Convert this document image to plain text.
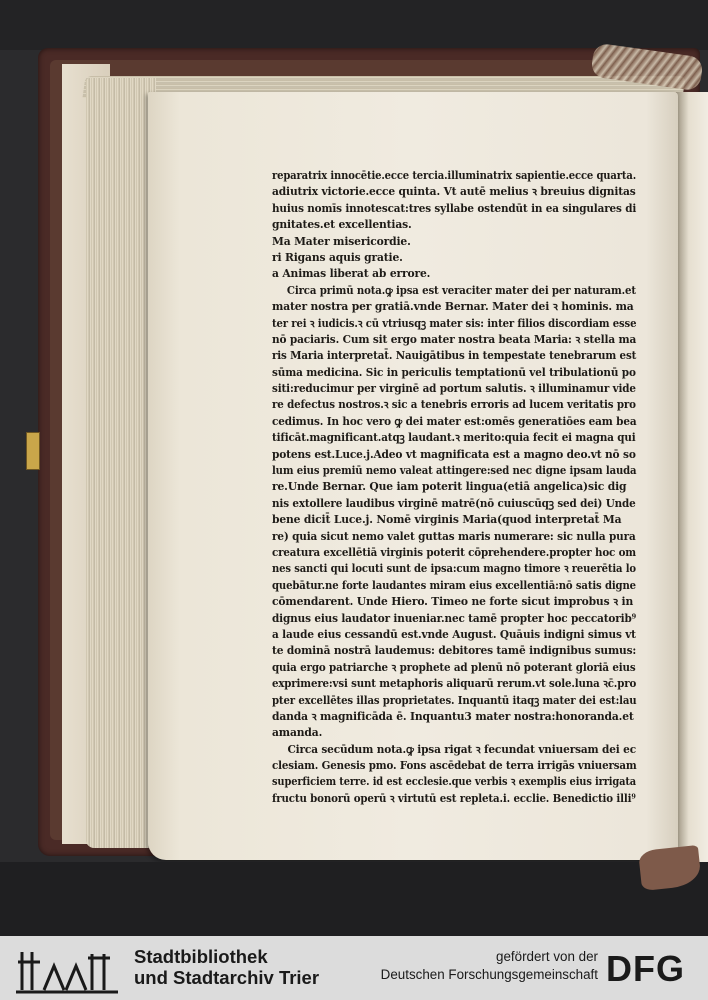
reparatrix innocētie.ecce tercia.illuminatrix sapientie.ecce quarta.
adiutrix victorie.ecce quinta. Vt autē melius ꝛ breuius dignitas
huius nomīs innotescat:tres syllabe ostendūt in ea singulares di
gnitates.et excellentias.
Ma Mater misericordie.
ri Rigans aquis gratie.
a Animas liberat ab errore.
Circa primū nota.ꝙ ipsa est veraciter mater dei per naturam.et
mater nostra per gratiā.vnde Bernar. Mater dei ꝛ hominis. ma
ter rei ꝛ iudicis.ꝛ cū vtriusqꝫ mater sis: inter filios discordiam esse
nō paciaris. Cum sit ergo mater nostra beata Maria: ꝛ stella ma
ris Maria interpretat̄. Nauigātibus in tempestate tenebrarum est
sūma medicina. Sic in periculis temptationū vel tribulationū po
siti:reducimur per virginē ad portum salutis. ꝛ illuminamur vide
re defectus nostros.ꝛ sic a tenebris erroris ad lucem veritatis pro
cedimus. In hoc vero ꝙ dei mater est:omēs generatiōes eam bea
tificāt.magnificant.atqꝫ laudant.ꝛ merito:quia fecit ei magna qui
potens est.Luce.j.Adeo vt magnificata est a magno deo.vt nō so
lum eius premiū nemo valeat attingere:sed nec digne ipsam lauda
re.Unde Bernar. Que iam poterit lingua(etiā angelica)sic dig
nis extollere laudibus virginē matrē(nō cuiuscūqꝫ sed dei) Unde
bene dicit̄ Luce.j. Nomē virginis Maria(quod interpretat̄ Ma
re) quia sicut nemo valet guttas maris numerare: sic nulla pura
creatura excellētiā virginis poterit cōprehendere.propter hoc om
nes sancti qui locuti sunt de ipsa:cum magno timore ꝛ reuerētia lo
quebātur.ne forte laudantes miram eius excellentiā:nō satis digne
cōmendarent. Unde Hiero. Timeo ne forte sicut improbus ꝛ in
dignus eius laudator inueniar.nec tamē propter hoc peccatorib⁹
a laude eius cessandū est.vnde August. Quāuis indigni simus vt
te dominā nostrā laudemus: debitores tamē indignibus sumus:
quia ergo patriarche ꝛ prophete ad plenū nō poterant gloriā eius
exprimere:vsi sunt metaphoris aliquarū rerum.vt sole.luna ꝛc̄.pro
pter excellētes illas proprietates. Inquantū itaqꝫ mater dei est:lau
danda ꝛ magnificāda ē. Inquantu3 mater nostra:honoranda.et
amanda.
Circa secūdum nota.ꝙ ipsa rigat ꝛ fecundat vniuersam dei ec
clesiam. Genesis pmo. Fons ascēdebat de terra irrigās vniuersam
superficiem terre. id est ecclesie.que verbis ꝛ exemplis eius irrigata
fructu bonorū operū ꝛ virtutū est repleta.i. ecclie. Benedictio illi⁹
Stadtbibliothek
und Stadtarchiv Trier
gefördert von der
Deutschen Forschungsgemeinschaft DFG
